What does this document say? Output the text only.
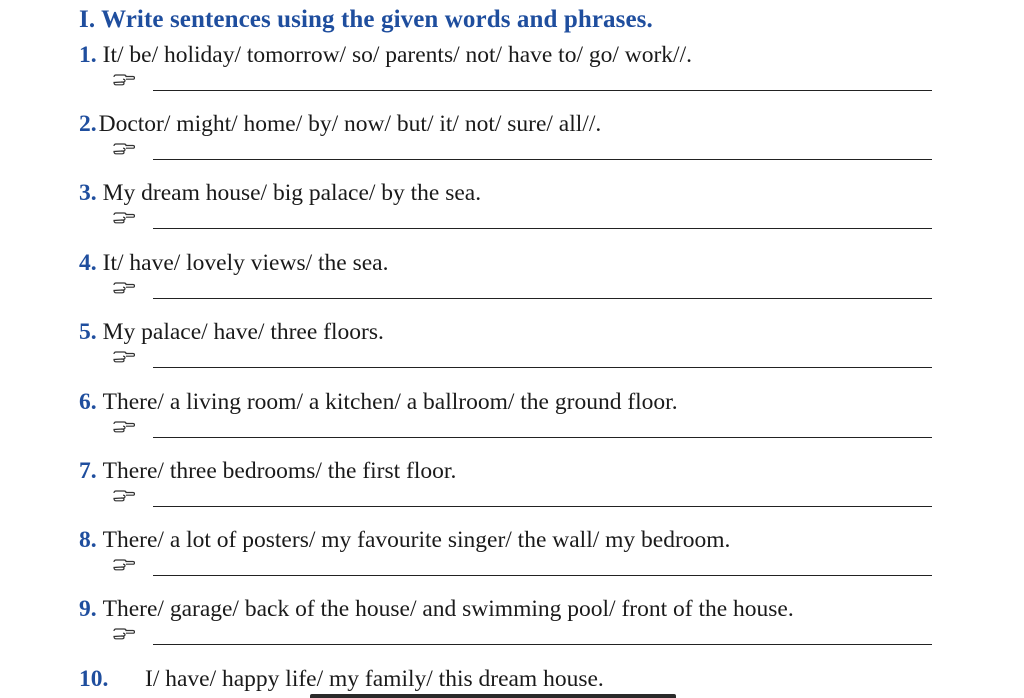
I. Write sentences using the given words and phrases.
1. It/ be/ holiday/ tomorrow/ so/ parents/ not/ have to/ go/ work//.
2.Doctor/ might/ home/ by/ now/ but/ it/ not/ sure/ all//.
3. My dream house/ big palace/ by the sea.
4. It/ have/ lovely views/ the sea.
5. My palace/ have/ three floors.
6. There/ a living room/ a kitchen/ a ballroom/ the ground floor.
7. There/ three bedrooms/ the first floor.
8. There/ a lot of posters/ my favourite singer/ the wall/ my bedroom.
9. There/ garage/ back of the house/ and swimming pool/ front of the house.
10. I/ have/ happy life/ my family/ this dream house.
